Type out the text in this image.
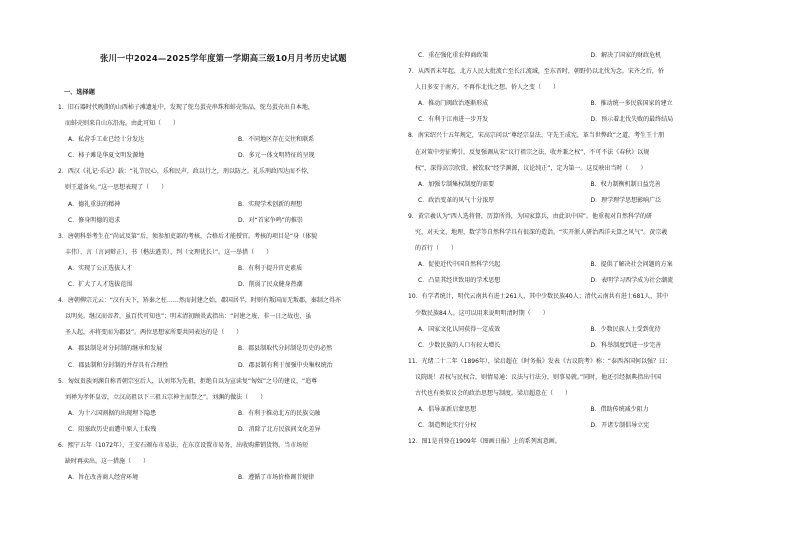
张川一中2024—2025学年度第一学期高三级10月月考历史试题
一、选择题
1．旧石器时代晚期的山西柿子滩遗址中，发现了鸵鸟蛋壳串珠和蚌壳饰品，鸵鸟蛋壳出自本地，
而蚌壳则来自山东沿海。由此可知（　　）
A．私营手工业已经十分发达	B．不同地区存在交往和联系
C．柿子滩是华夏文明发源地	D．多元一体文明特征的呈现
2．西汉《礼记·乐记》载：“礼节民心，乐和民声，政以行之，刑以防之。礼乐刑政四达而不悖，
则王道备矣。”这一思想表现了（　　）
A．德礼重法的精神	B．实现学术创新的理想
C．修身明德的追求	D．对“首家争鸣”的推崇
3．唐朝科举考生在“尚试及第”后，须参加吏部的考核，合格后才能授官。考核的项目是“身（体貌
丰伟）、言（言词辩正）、书（楷法遒美）、判（文理优长）”。这一举措（　　）
A．实现了公正选拔人才	B．有利于提升官吏素质
C．扩大了人才选拔范围	D．削弱了民众健身热潮
4．唐朝柳宗元云：“汉有天下，矫秦之枉……然而封建之始，郡国居半，时则有叛国而无叛郡，秦制之得亦
以明矣。继汉而帝者，虽百代可知也”；明末清初顾炎武指出：“封建之废，非一日之故也，虽
圣人起，亦将变而为郡县”。两位思想家所要共同表达的是（　　）
A．郡县制是对分封制的继承和发展	B．郡县制取代分封制是历史的必然
C．郡县制和分封制的并存具有合理性	D．郡县制有利于加强中央集权统治
5．匈奴贵族刘渊自称晋朝宗室后人，认刘邦为先祖，拒绝自以为宣读复“匈奴”之号的建议，“追尊
刘禅为孝怀皇帝，立汉高祖以下三祖五宗神主而祭之”。刘渊的做法（　　）
A．为十六国割据的出现埋下隐患	B．有利于推动北方的民族交融
C．阻塞政历史而遭中原人士取残	D．消除了北方民族间文化差异
6．熙宁五年（1072年），王安石颁布市易法，在东京设置市易务，出收购滞销货物，当市场短
缺时再卖出。这一措施（　　）
A．旨在改善商人经营环境	B．遵循了市场价格调节规律
C．重在强化重农抑商政策	D．解决了国家的财政危机
7．从西晋末年起，北方人民大批流亡至长江流域，至东晋时，朝野仍以北伐为念。宋齐之后，侨
人日多安于南方，不再作北伐之想。侨人之变（　　）
A．推动门阀政治逐渐形成	B．推动统一多民族国家的建立
C．有利于江南进一步开发	D．预示着北伐失败的最终结局
8．南宋绍兴十五年规定，宋高宗问以“尊经宗皇法、守先王成宪，革当世弊政”之道，考生王十朋
在对策中旁征博引，反复强调从宋“议行祖宗之法，收并兼之权”，不可不法《春秋》以规
权”，深得高宗欣赏，被钦取“经学渊源，议论纯正”，定为第一。这反映出当时（　　）
A．加强专制集权制度的需要	B．权力制衡机制日益完善
C．政治变革的风气十分浓厚	D．理学理学思想影响广泛
9．黄宗羲认为“西人选将督，历算所得，为国家算兵，由此识中国”。他重视对自然科学的研
究，对天文、地理、数学等自然科学具有很深的造诣。“实开浙人研治西洋天算之风气”。黄宗羲
的首行（　　）
A．促使近代中国自然科学兴起	B．提供了解决社会问题的方案
C．凸显其经世致用的学术思想	D．表明学习西学成为社会潮流
10．有学者统计，明代云南共有进士261人，其中少数民族40人；清代云南共有进士681人，其中
少数民族84人。这可以用来说明明清时期（　　）
A．国家文化认同获得一定成效	B．少数民族人士受到优待
C．少数民族的人口有较大增长	D．科举制度到进一步完善
11．光绪二十二年（1896年），梁启超在《时务报》发表《古议院考》称：“泰西各国何以强？曰：
议院既！君权与民权合，则情易通；议法与行法分，则事易就。”同时，他还引经据典指出中国
古代也有类似议会的政治思想与制度。梁启超意在（　　）
A．倡导革新启蒙思想	B．借助传统减少阻力
C．制造舆论实行分权	D．开诸专制倡导立宪
12．图1是刊登在1909年《图画日报》上的系列寓意画。
